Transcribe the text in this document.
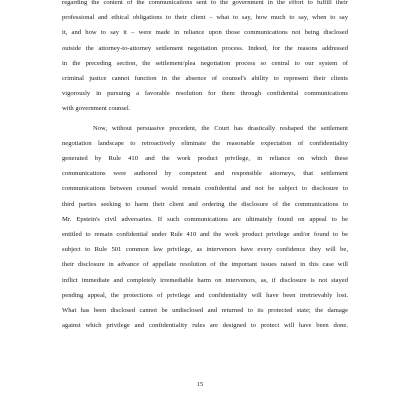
regarding the content of the communications sent to the government in the effort to fulfill their
professional and ethical obligations to their client – what to say, how much to say, when to say
it, and how to say it – were made in reliance upon those communications not being disclosed
outside the attorney-to-attorney settlement negotiation process. Indeed, for the reasons addressed
in the preceding section, the settlement/plea negotiation process so central to our system of
criminal justice cannot function in the absence of counsel's ability to represent their clients
vigorously in pursuing a favorable resolution for them through confidential communications
with government counsel.

Now, without persuasive precedent, the Court has drastically reshaped the settlement
negotiation landscape to retroactively eliminate the reasonable expectation of confidentiality
generated by Rule 410 and the work product privilege, in reliance on which these
communications were authored by competent and responsible attorneys, that settlement
communications between counsel would remain confidential and not be subject to disclosure to
third parties seeking to harm their client and ordering the disclosure of the communications to
Mr. Epstein's civil adversaries. If such communications are ultimately found on appeal to be
entitled to remain confidential under Rule 410 and the work product privilege and/or found to be
subject to Rule 501 common law privilege, as intervenors have every confidence they will be,
their disclosure in advance of appellate resolution of the important issues raised in this case will
inflict immediate and completely irremediable harm on intervenors, as, if disclosure is not stayed
pending appeal, the protections of privilege and confidentiality will have been irretrievably lost.
What has been disclosed cannot be undisclosed and returned to its protected state; the damage
against which privilege and confidentiality rules are designed to protect will have been done.

15
